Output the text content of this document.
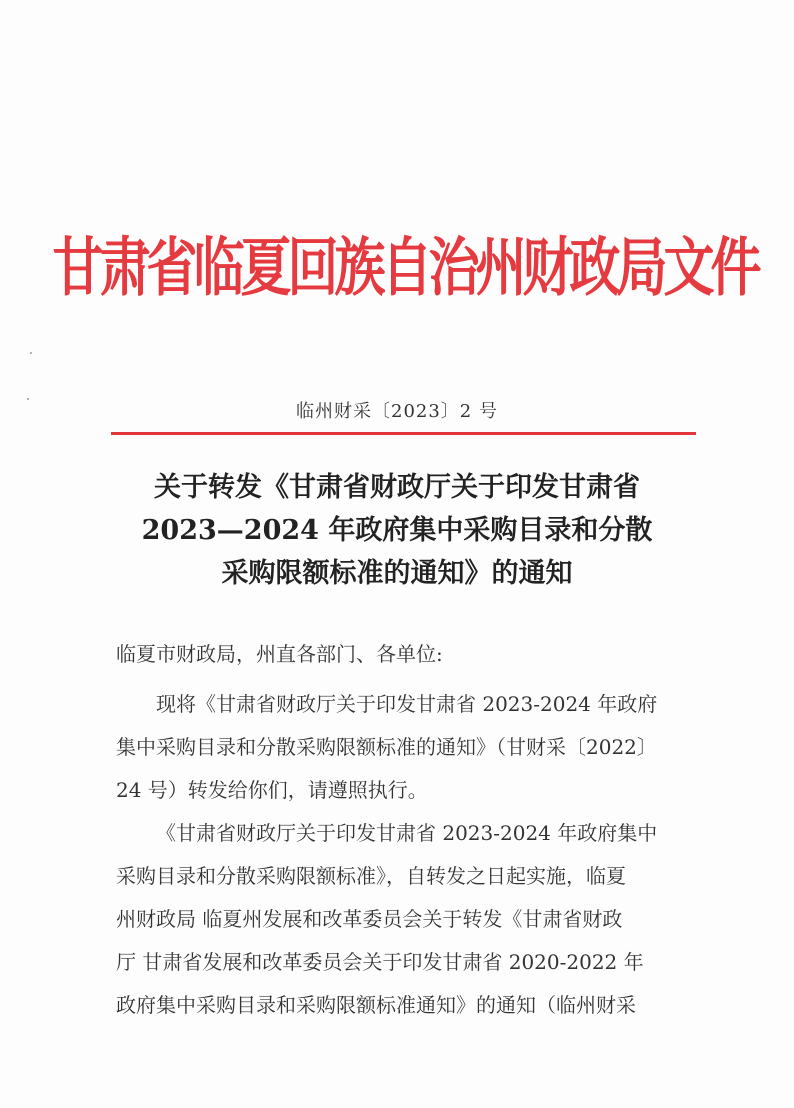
甘肃省临夏回族自治州财政局文件
临州财采〔2023〕2 号
关于转发《甘肃省财政厅关于印发甘肃省
2023—2024 年政府集中采购目录和分散
采购限额标准的通知》的通知
临夏市财政局，州直各部门、各单位:
现将《甘肃省财政厅关于印发甘肃省 2023-2024 年政府
集中采购目录和分散采购限额标准的通知》（甘财采〔2022〕
24 号）转发给你们，请遵照执行。
《甘肃省财政厅关于印发甘肃省 2023-2024 年政府集中
采购目录和分散采购限额标准》，自转发之日起实施，临夏
州财政局 临夏州发展和改革委员会关于转发《甘肃省财政
厅 甘肃省发展和改革委员会关于印发甘肃省 2020-2022 年
政府集中采购目录和采购限额标准通知》的通知（临州财采
